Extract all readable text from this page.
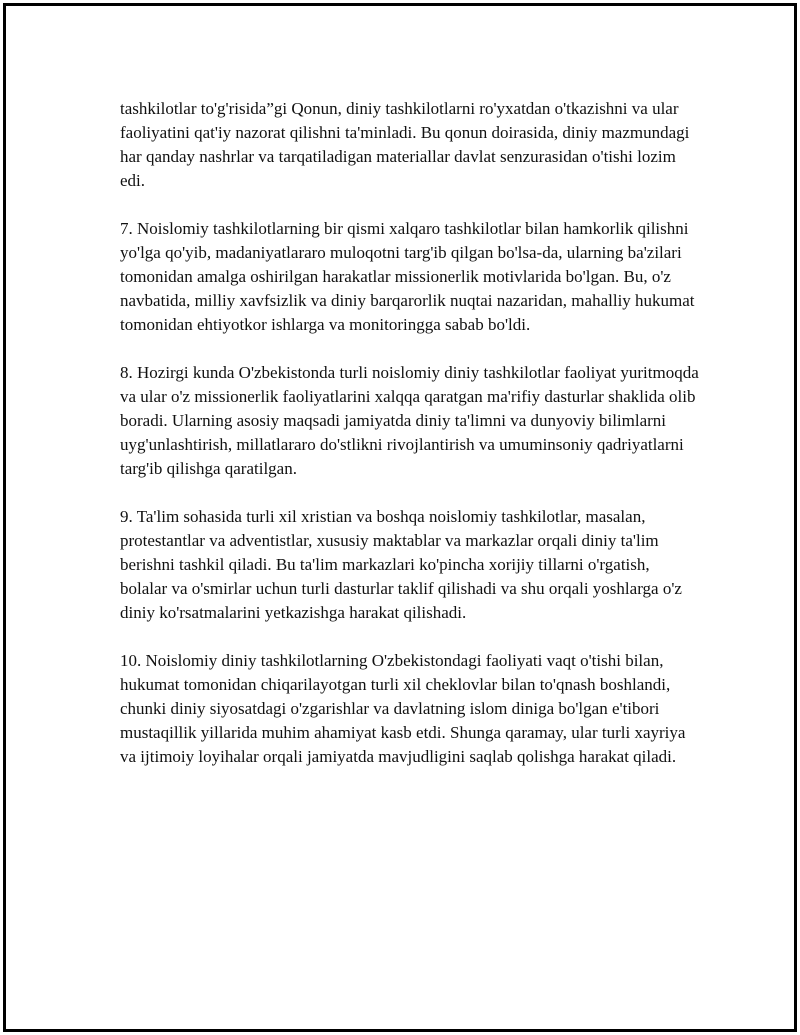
tashkilotlar to'g'risida”gi Qonun, diniy tashkilotlarni ro'yxatdan o'tkazishni va ular faoliyatini qat'iy nazorat qilishni ta'minladi. Bu qonun doirasida, diniy mazmundagi har qanday nashrlar va tarqatiladigan materiallar davlat senzurasidan o'tishi lozim edi.

7. Noislomiy tashkilotlarning bir qismi xalqaro tashkilotlar bilan hamkorlik qilishni yo'lga qo'yib, madaniyatlararo muloqotni targ'ib qilgan bo'lsa-da, ularning ba'zilari tomonidan amalga oshirilgan harakatlar missionerlik motivlarida bo'lgan. Bu, o'z navbatida, milliy xavfsizlik va diniy barqarorlik nuqtai nazaridan, mahalliy hukumat tomonidan ehtiyotkor ishlarga va monitoringga sabab bo'ldi.

8. Hozirgi kunda O'zbekistonda turli noislomiy diniy tashkilotlar faoliyat yuritmoqda va ular o'z missionerlik faoliyatlarini xalqqa qaratgan ma'rifiy dasturlar shaklida olib boradi. Ularning asosiy maqsadi jamiyatda diniy ta'limni va dunyoviy bilimlarni uyg'unlashtirish, millatlararo do'stlikni rivojlantirish va umuminsoniy qadriyatlarni targ'ib qilishga qaratilgan.

9. Ta'lim sohasida turli xil xristian va boshqa noislomiy tashkilotlar, masalan, protestantlar va adventistlar, xususiy maktablar va markazlar orqali diniy ta'lim berishni tashkil qiladi. Bu ta'lim markazlari ko'pincha xorijiy tillarni o'rgatish, bolalar va o'smirlar uchun turli dasturlar taklif qilishadi va shu orqali yoshlarga o'z diniy ko'rsatmalarini yetkazishga harakat qilishadi.

10. Noislomiy diniy tashkilotlarning O'zbekistondagi faoliyati vaqt o'tishi bilan, hukumat tomonidan chiqarilayotgan turli xil cheklovlar bilan to'qnash boshlandi, chunki diniy siyosatdagi o'zgarishlar va davlatning islom diniga bo'lgan e'tibori mustaqillik yillarida muhim ahamiyat kasb etdi. Shunga qaramay, ular turli xayriya va ijtimoiy loyihalar orqali jamiyatda mavjudligini saqlab qolishga harakat qiladi.
